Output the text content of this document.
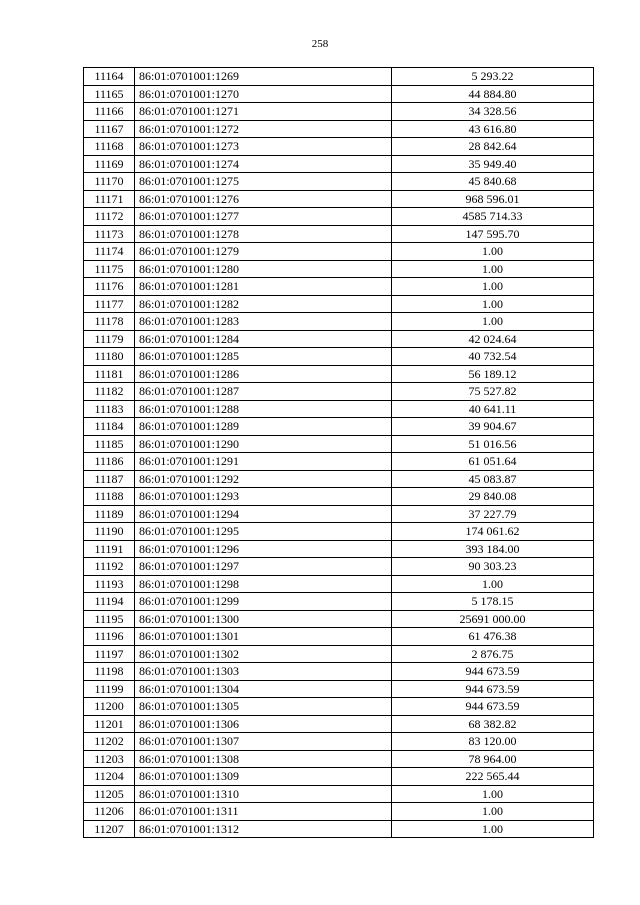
258
11164	86:01:0701001:1269	5 293.22
11165	86:01:0701001:1270	44 884.80
11166	86:01:0701001:1271	34 328.56
11167	86:01:0701001:1272	43 616.80
11168	86:01:0701001:1273	28 842.64
11169	86:01:0701001:1274	35 949.40
11170	86:01:0701001:1275	45 840.68
11171	86:01:0701001:1276	968 596.01
11172	86:01:0701001:1277	4585 714.33
11173	86:01:0701001:1278	147 595.70
11174	86:01:0701001:1279	1.00
11175	86:01:0701001:1280	1.00
11176	86:01:0701001:1281	1.00
11177	86:01:0701001:1282	1.00
11178	86:01:0701001:1283	1.00
11179	86:01:0701001:1284	42 024.64
11180	86:01:0701001:1285	40 732.54
11181	86:01:0701001:1286	56 189.12
11182	86:01:0701001:1287	75 527.82
11183	86:01:0701001:1288	40 641.11
11184	86:01:0701001:1289	39 904.67
11185	86:01:0701001:1290	51 016.56
11186	86:01:0701001:1291	61 051.64
11187	86:01:0701001:1292	45 083.87
11188	86:01:0701001:1293	29 840.08
11189	86:01:0701001:1294	37 227.79
11190	86:01:0701001:1295	174 061.62
11191	86:01:0701001:1296	393 184.00
11192	86:01:0701001:1297	90 303.23
11193	86:01:0701001:1298	1.00
11194	86:01:0701001:1299	5 178.15
11195	86:01:0701001:1300	25691 000.00
11196	86:01:0701001:1301	61 476.38
11197	86:01:0701001:1302	2 876.75
11198	86:01:0701001:1303	944 673.59
11199	86:01:0701001:1304	944 673.59
11200	86:01:0701001:1305	944 673.59
11201	86:01:0701001:1306	68 382.82
11202	86:01:0701001:1307	83 120.00
11203	86:01:0701001:1308	78 964.00
11204	86:01:0701001:1309	222 565.44
11205	86:01:0701001:1310	1.00
11206	86:01:0701001:1311	1.00
11207	86:01:0701001:1312	1.00
